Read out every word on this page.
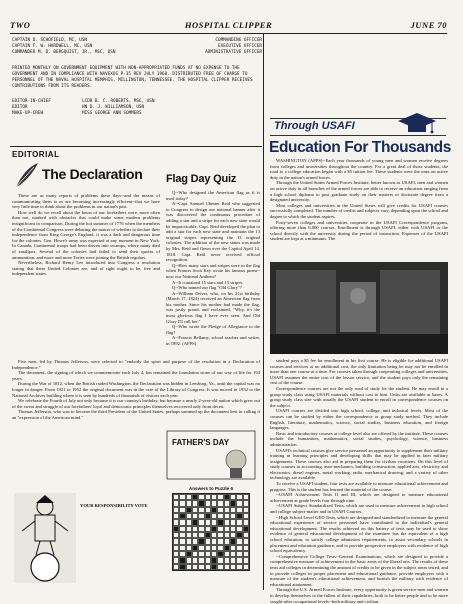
TWO	HOSPITAL CLIPPER	JUNE 70
CAPTAIN D. SCHOFIELD, MC, USN	COMMANDING OFFICER
CAPTAIN F. W. HARDWELL, MC, USN	EXECUTIVE OFFICER
COMMANDER M. D. BERGQUIST, JR., MSC, USN	ADMINISTRATIVE OFFICER
PRINTED MONTHLY ON GOVERNMENT EQUIPMENT WITH NON-APPROPRIATED FUNDS AT NO EXPENSE TO THE GOVERNMENT AND IN COMPLIANCE WITH NAVEXOS P-35 REV JULY 1960. DISTRIBUTED FREE OF CHARGE TO PERSONNEL OF THE NAVAL HOSPITAL MEMPHIS, MILLINGTON, TENNESSEE. THE HOSPITAL CLIPPER RECEIVES CONTRIBUTIONS FROM ITS READERS.
EDITOR-IN-CHIEF	LCDR B. C. ROBERTS, MSC, USN
EDITOR	HN D. J. WILLIAMSON, USN
MAKE-UP-CREW	MISS GEORGE ANN SOMMERS
Through USAFI
Education For Thousands

WASHINGTON (AFPS)--Each year thousands of young men and women receive degrees from colleges and universities throughout the country. For a great deal of those students, the road to a college education began with a $5 tuition fee. These students were the ones on active duty in the nation's armed forces.

Through the United States Armed Forces Institute, better known as USAFI, men and women on active duty in all branches of the armed forces are able to receive an education ranging from a high school diploma to post graduate study on their masters or doctorate degree from a designated university.

Most colleges and universities in the United States will give credits for USAFI courses successfully completed. The number of credits and subjects vary, depending upon the school and degree to which the student aspires.

Forty-seven colleges and universities cooperate in the USAFI Correspondence program, offering more than 6,000 courses. Enrollment is through USAFI, either with USAFI or the school directly with the university during the period of instruction. Expenses of the USAFI student are kept at a minimum. The

student pays a $5 fee for enrollment in his first course. He is eligible for additional USAFI courses and services at no additional cost, the only limitation being he may not be enrolled in more than one course at a time. For courses taken through cooperating colleges and universities, USAFI assumes the entire cost of the lesson service, and the student pays only the remaining cost of the course.

Correspondence courses are not the only road of study for the student. He may enroll in a group study class using USAFI materials without cost to him. Units are available at bases. A group study class size with usually the USAFI student to enroll in correspondence courses on the subject.

USAFI courses are divided into high school, college, and technical levels. Most of the courses can be studied by either the correspondence or group study method. They include English, literature, mathematics, science, social studies, business education, and foreign languages.

Basic and introductory courses at college level also are offered by the institute. These courses include the humanities, mathematics, social studies, psychology, science, business administration.

USAFI's technical courses give service personnel an opportunity to supplement their military training in learning principles and developing skills that may be applied in later military assignments. These courses also aid in preparing them for civilian vocations. On this level of study courses in accounting, auto-mechanics, building construction, applied arts, electricity and electronics, diesel engines, metal working, radio, mechanical drawing, and a variety of other technology are available.

To receive a USAFI student, four tests are available to measure educational achievement and progress. This is the student has learned the material of the course.

--USAFI Achievement Tests II and III, which are designed to measure educational achievement at grade levels four through nine.

--USAFI Subject Standardized Tests, which are used to measure achievement in high school and college subject-matter and in USAFI Courses.

--High School Level GED Tests, which are designed and standardized to measure the general educational experience of service personnel have contributed to the individual's general educational development. The results achieved on this battery of tests may be used to show evidence of general educational development of the examinee has the equivalent of a high school education, to satisfy college admission requirements, to assist secondary schools in placement and education guidance, and to provide prospective employers with evidence of high school equivalency.

--Comprehensive College Tests--General Examinations, which are designed to provide a comprehensive measure of achievement in the basic areas of the liberal arts. The results of these tests aid colleges in determining the amount of credits to be given in the subject areas tested, and to provide colleges in proper placement and educational guidance, provide employers with a measure of the student's educational achievement, and furnish the military with evidence of educational attainment.

Through the U.S. Armed Forces Institute, every opportunity is given service men and women to develop themselves to the fullest of their capabilities, both to be better people and to be more sought-after occupational levels--both military and civilian.

EDITORIAL
The Declaration

These are as many reports of problems these days--and the means of communicating them to us are becoming increasingly efficient--that we have very little time to think about the problems in our nation's past.

How well do we recall about the hours of our forefathers were, more often than not, marked with obstacles that could make some modern problems insignificant in comparison. During the hot summer of 1776 when the members of the Continental Congress were debating the matter of whether to declare their independence from King George's England, it was a dark and dangerous time for the colonies. Gen. Howe's army was expected at any moment in New York. In Canada, Continental troops had been driven into swamps, where many died of smallpox. Several of the colonies had failed to send their quotas of ammunition, and more and more Tories were joining the British regulars.

Nevertheless, Richard Henry Lee introduced into Congress a resolution stating that these United Colonies are, and of right ought to be, free and independent states.

Five men, led by Thomas Jefferson, were selected to "embody the spirit and purpose of the resolution in a Declaration of Independence."

The document, the signing of which we commemorate each July 4, has remained the foundation stone of our way of life for 194 years.

During the War of 1812, when the British raided Washington, the Declaration was hidden in Leesburg, Va., until the capital was no longer in danger. From 1921 to 1952 the original document was in the care of the Library of Congress. It was moved in 1952 to the National Archives building where it is seen by hundreds of thousands of visitors each year.

We celebrate the Fourth of July not only because it is our country's birthday, but because a nearly 2-year-old nation which grew out of the sweat and struggle of our forefathers' loyal and democratic principles themselves recovered only from deceit.

Thomas Jefferson, who was to become the third President of the United States, perhaps summed up the document best in calling it an "expression of the American mind."

YOUR RESPONSIBILITY VOTE

Flag Day Quiz

Q--Who designed the American flag as it is used today?

A--Capt. Samuel Chester Reid who suggested to Congress to design our national banner after it was discovered the continuous procedure of adding a star and a stripe for each new state would be impracticable. Capt. Reid developed the plan to add a star for each new state and maintain the 13 original stripes representing the 13 original colonies. The addition of the new states was made by Mrs. Reid and flown over the Capitol April 14, 1818. Capt. Reid never received official recognition.

Q--How many stars and stripes were in the flag when Francis Scott Key wrote his famous poem--now our National Anthem?

A--It contained 15 stars and 15 stripes.

Q--Who named our flag "Old Glory"?

A--William Driver, who, on his 21st birthday (March 17, 1824) received an American flag from his mother. Since his mother had made the flag, was justly proud, and exclaimed, "Why, it's the most glorious flag I have ever seen. And Old Glory I'll call her."

Q--Who wrote the Pledge of Allegiance to the flag?

A--Francis Bellamy, school teacher and writer, in 1892. (AFPS)

FATHER'S DAY
Answers to Puzzle 6
